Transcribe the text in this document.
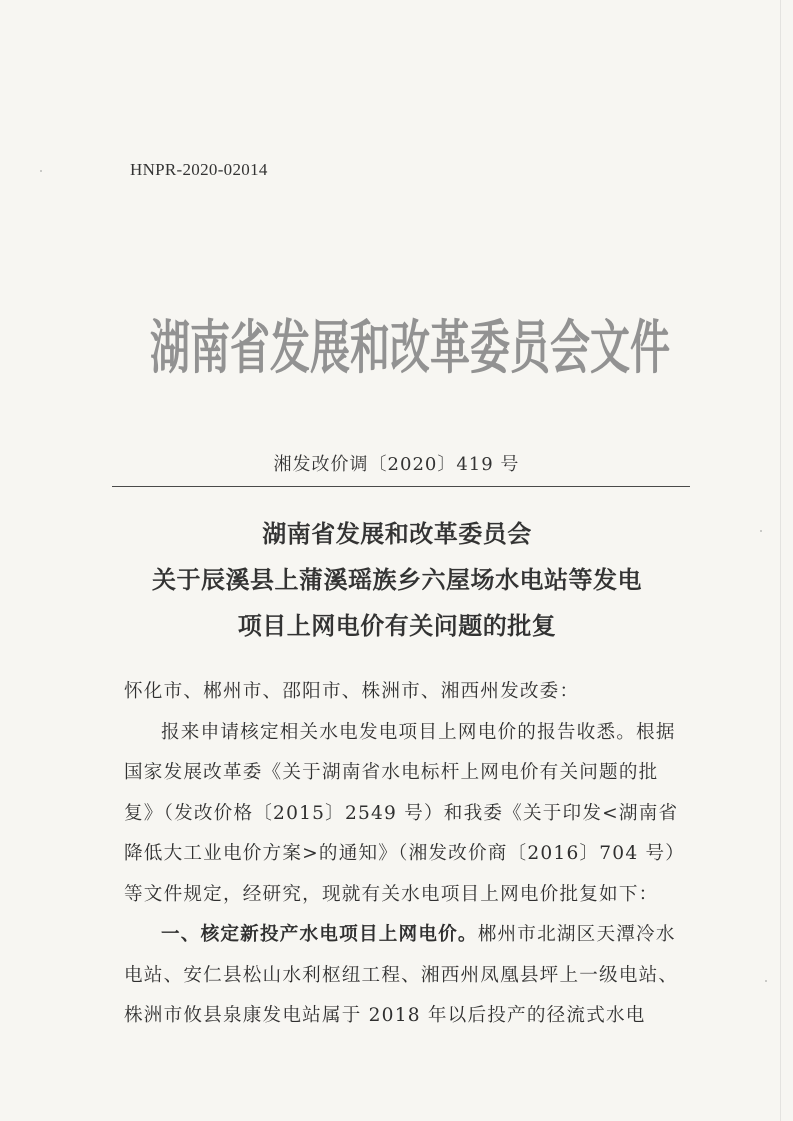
HNPR-2020-02014
湖南省发展和改革委员会文件
湘发改价调〔2020〕419 号
湖南省发展和改革委员会
关于辰溪县上蒲溪瑶族乡六屋场水电站等发电
项目上网电价有关问题的批复

怀化市、郴州市、邵阳市、株洲市、湘西州发改委：

报来申请核定相关水电发电项目上网电价的报告收悉。根据国家发展改革委《关于湖南省水电标杆上网电价有关问题的批复》（发改价格〔2015〕2549 号）和我委《关于印发<湖南省降低大工业电价方案>的通知》（湘发改价商〔2016〕704 号）等文件规定，经研究，现就有关水电项目上网电价批复如下：

一、核定新投产水电项目上网电价。郴州市北湖区天潭冷水电站、安仁县松山水利枢纽工程、湘西州凤凰县坪上一级电站、株洲市攸县泉康发电站属于 2018 年以后投产的径流式水电
